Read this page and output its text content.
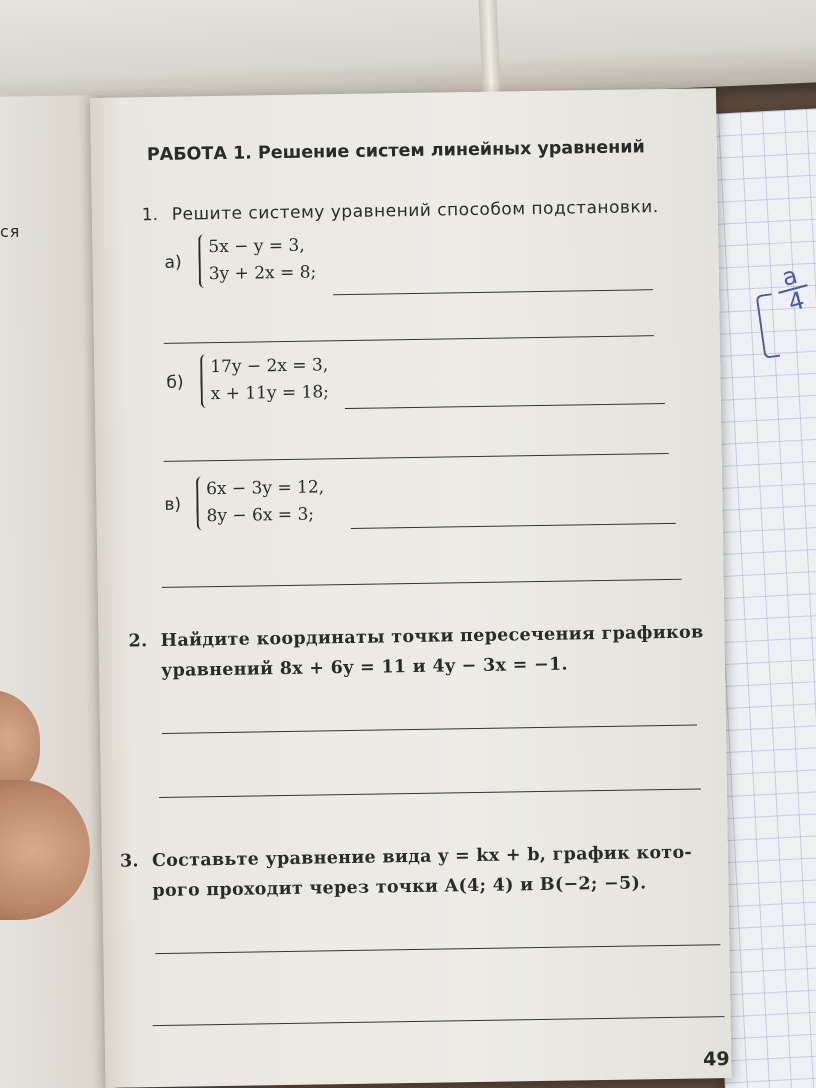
ся
a
4
РАБОТА 1. Решение систем линейных уравнений
1. Решите систему уравнений способом подстановки.
а)
5x − y = 3,
3y + 2x = 8;
б)
17y − 2x = 3,
x + 11y = 18;
в)
6x − 3y = 12,
8y − 6x = 3;
2. Найдите координаты точки пересечения графиков
уравнений 8x + 6y = 11 и 4y − 3x = −1.
3. Составьте уравнение вида y = kx + b, график кото-
рого проходит через точки A(4; 4) и B(−2; −5).
49
